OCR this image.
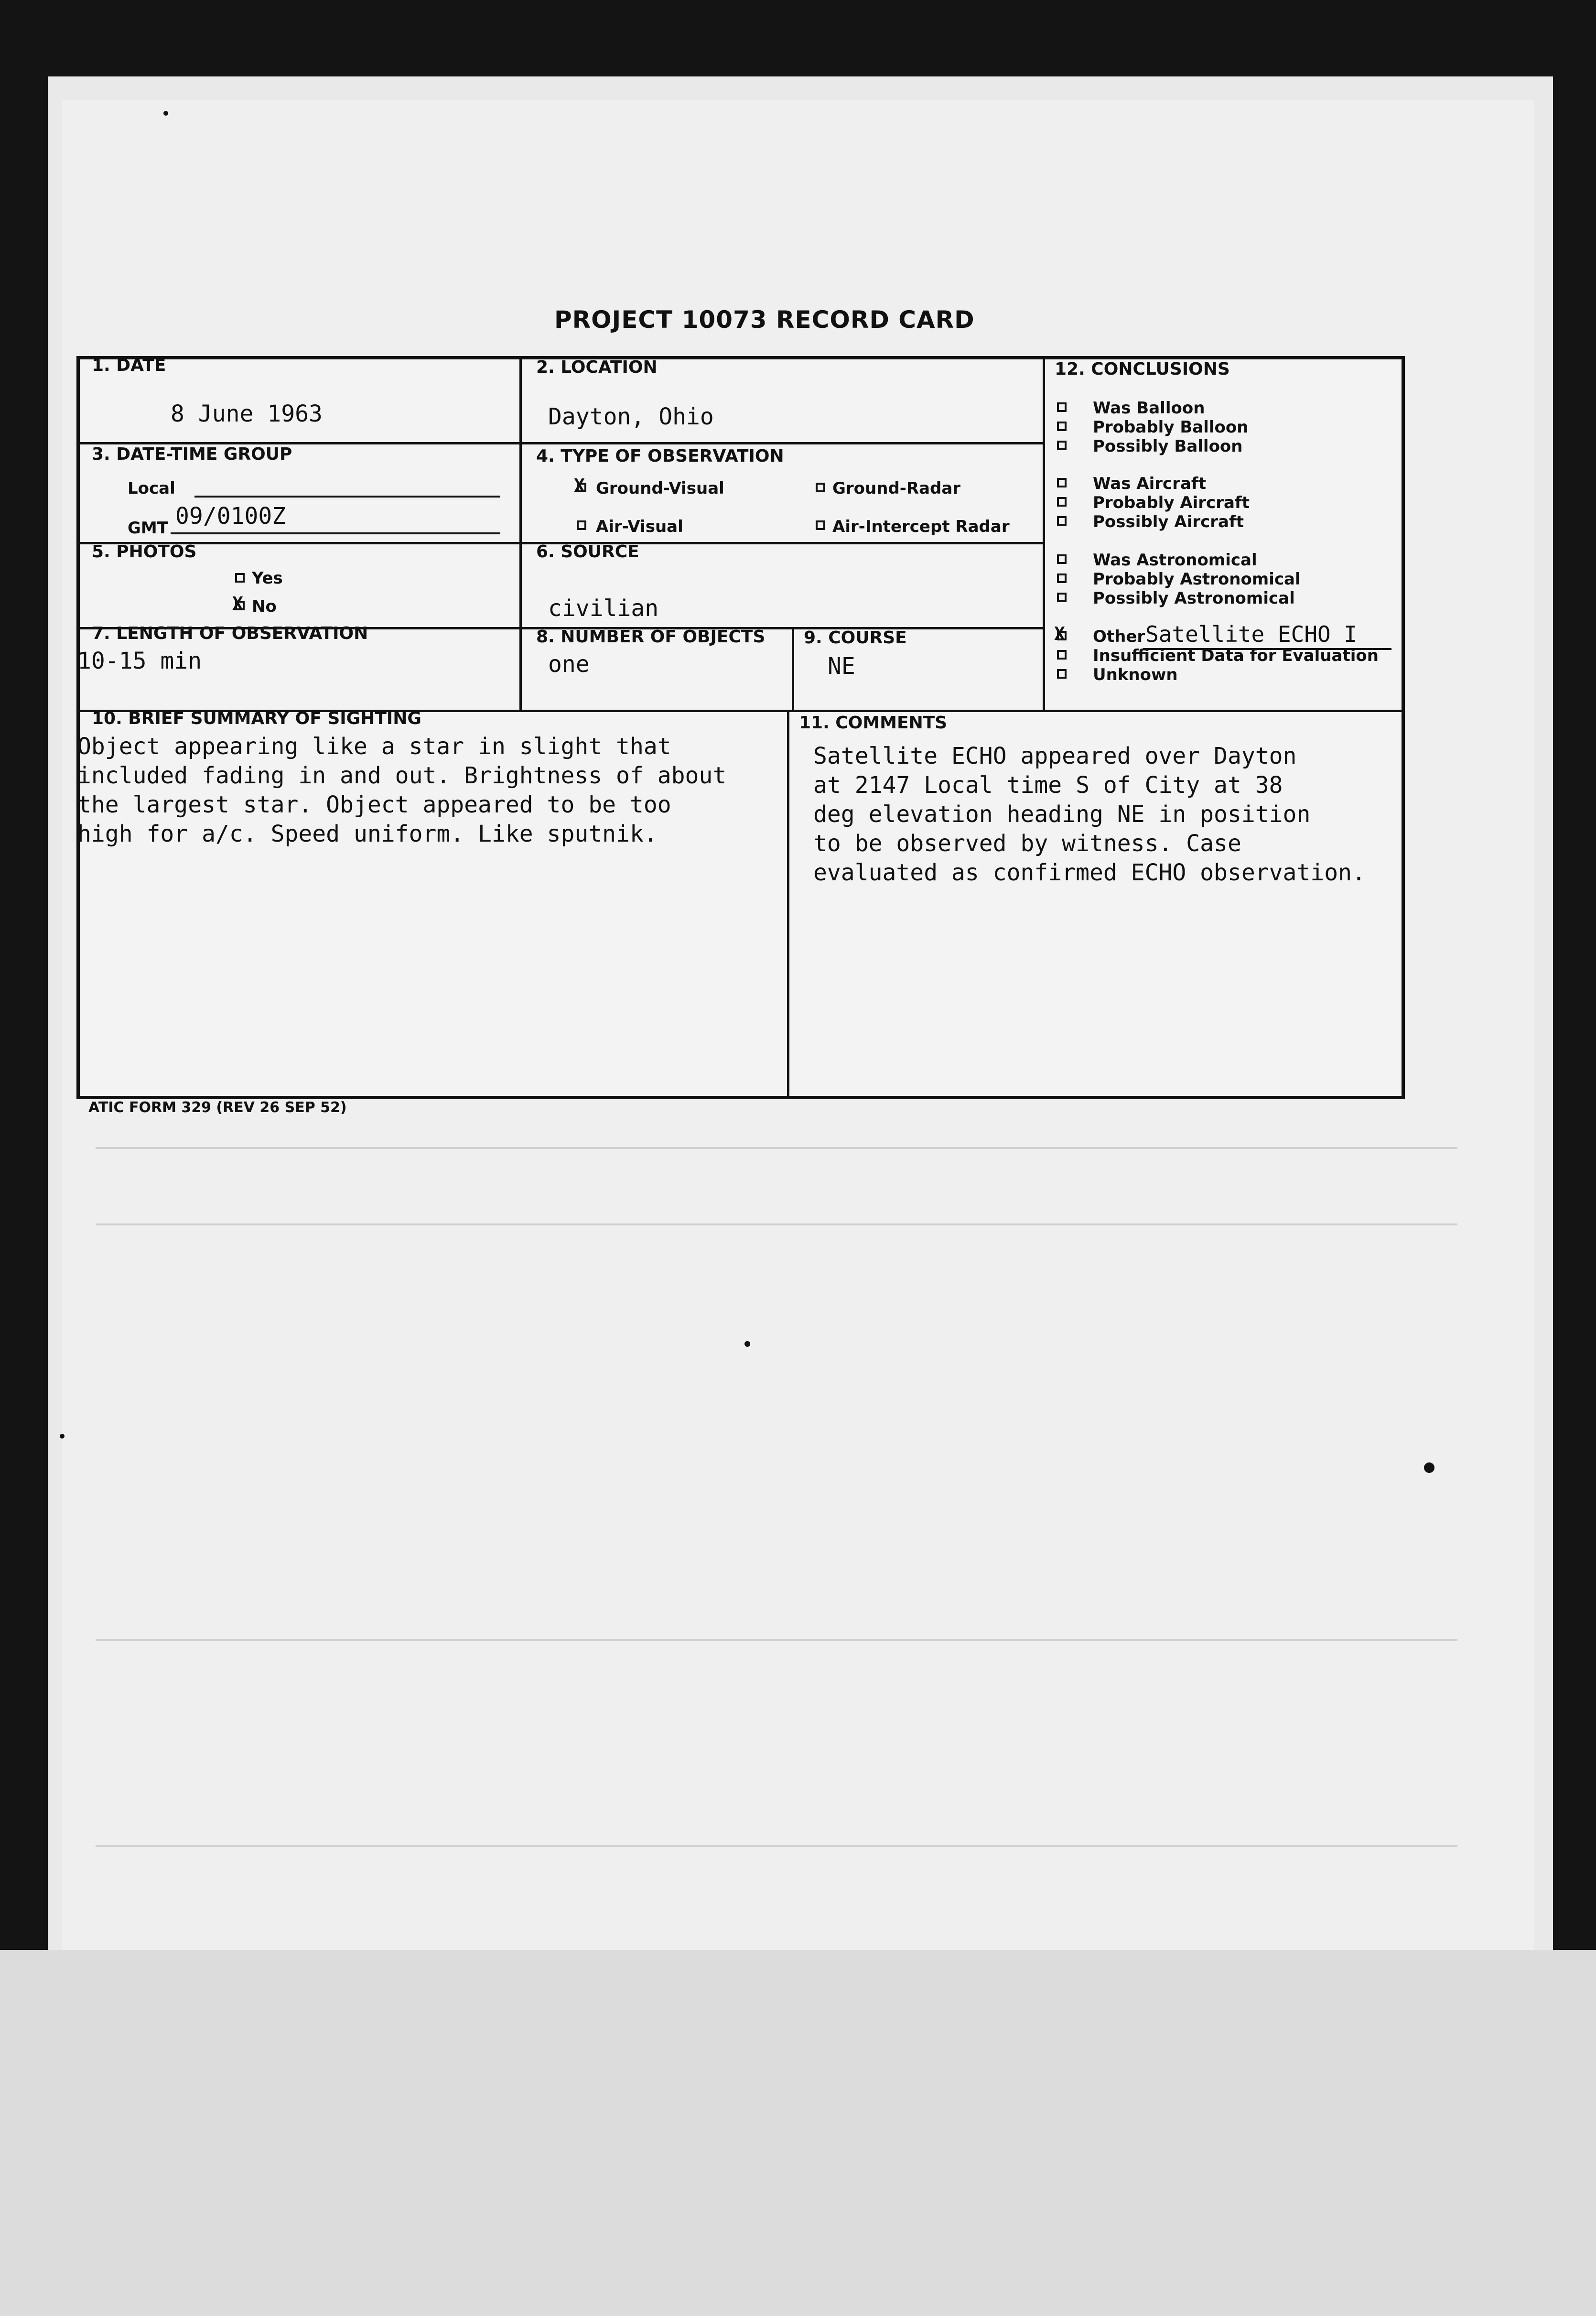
PROJECT 10073 RECORD CARD
1. DATE
8 June 1963
2. LOCATION
Dayton, Ohio
3. DATE-TIME GROUP
Local
GMT 09/0100Z
4. TYPE OF OBSERVATION
X Ground-Visual	Ground-Radar
Air-Visual	Air-Intercept Radar
5. PHOTOS
Yes
X No
6. SOURCE
civilian
7. LENGTH OF OBSERVATION
10-15 min
8. NUMBER OF OBJECTS
one
9. COURSE
NE
10. BRIEF SUMMARY OF SIGHTING
Object appearing like a star in slight that
included fading in and out. Brightness of about
the largest star. Object appeared to be too
high for a/c. Speed uniform. Like sputnik.
11. COMMENTS
Satellite ECHO appeared over Dayton
at 2147 Local time S of City at 38
deg elevation heading NE in position
to be observed by witness. Case
evaluated as confirmed ECHO observation.
12. CONCLUSIONS
Was Balloon
Probably Balloon
Possibly Balloon
Was Aircraft
Probably Aircraft
Possibly Aircraft
Was Astronomical
Probably Astronomical
Possibly Astronomical
X Other Satellite ECHO I
Insufficient Data for Evaluation
Unknown
ATIC FORM 329 (REV 26 SEP 52)
